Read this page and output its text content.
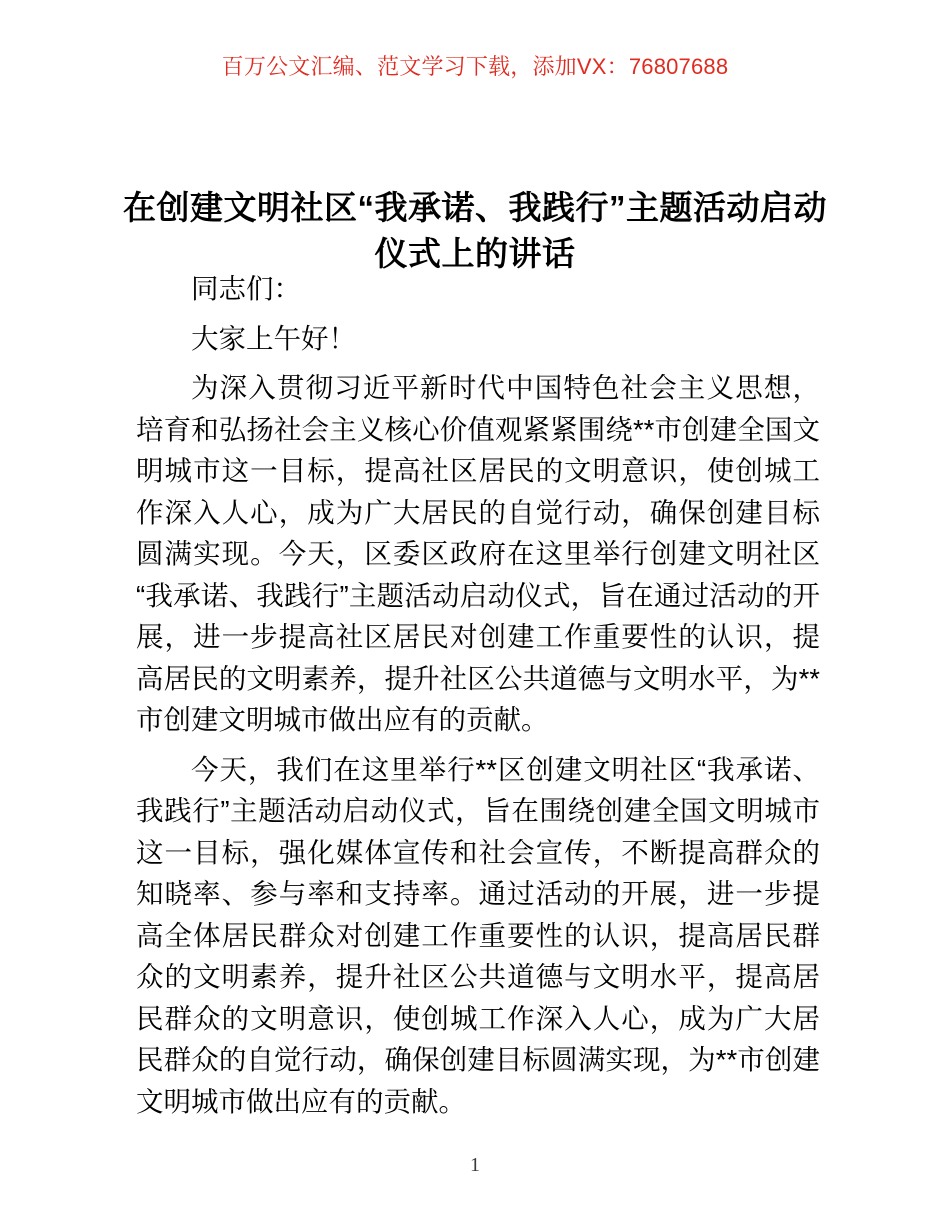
百万公文汇编、范文学习下载，添加VX：76807688
在创建文明社区“我承诺、我践行”主题活动启动仪式上的讲话

同志们：

大家上午好！

为深入贯彻习近平新时代中国特色社会主义思想，培育和弘扬社会主义核心价值观紧紧围绕**市创建全国文明城市这一目标，提高社区居民的文明意识，使创城工作深入人心，成为广大居民的自觉行动，确保创建目标圆满实现。今天，区委区政府在这里举行创建文明社区“我承诺、我践行”主题活动启动仪式，旨在通过活动的开展，进一步提高社区居民对创建工作重要性的认识，提高居民的文明素养，提升社区公共道德与文明水平，为**市创建文明城市做出应有的贡献。

今天，我们在这里举行**区创建文明社区“我承诺、我践行”主题活动启动仪式，旨在围绕创建全国文明城市这一目标，强化媒体宣传和社会宣传，不断提高群众的知晓率、参与率和支持率。通过活动的开展，进一步提高全体居民群众对创建工作重要性的认识，提高居民群众的文明素养，提升社区公共道德与文明水平，提高居民群众的文明意识，使创城工作深入人心，成为广大居民群众的自觉行动，确保创建目标圆满实现，为**市创建文明城市做出应有的贡献。

1
